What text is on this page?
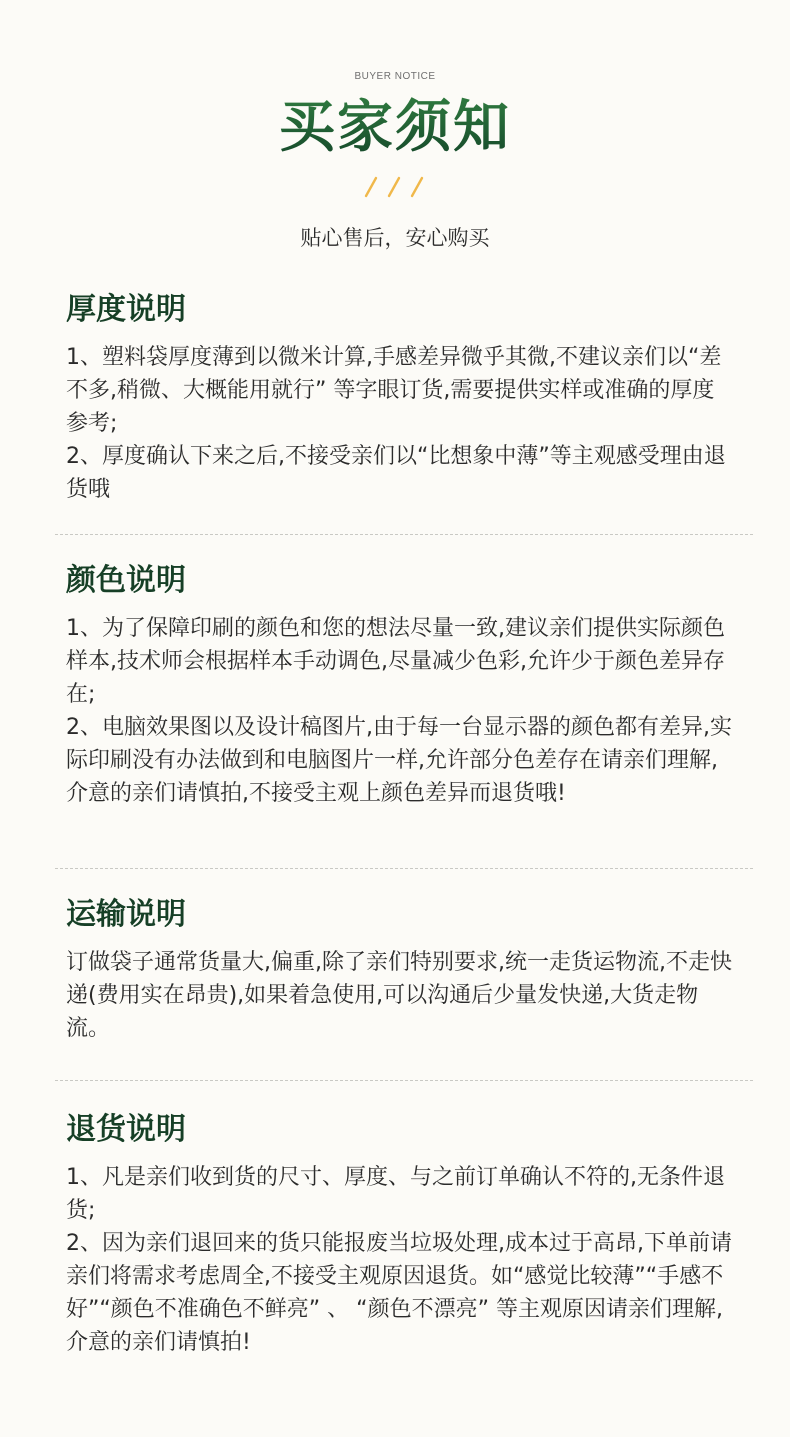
BUYER NOTICE
买家须知
贴心售后，安心购买
厚度说明

1、塑料袋厚度薄到以微米计算,手感差异微乎其微,不建议亲们以“差不多,稍微、大概能用就行” 等字眼订货,需要提供实样或准确的厚度参考;

2、厚度确认下来之后,不接受亲们以“比想象中薄”等主观感受理由退货哦

颜色说明

1、为了保障印刷的颜色和您的想法尽量一致,建议亲们提供实际颜色样本,技术师会根据样本手动调色,尽量减少色彩,允许少于颜色差异存在;

2、电脑效果图以及设计稿图片,由于每一台显示器的颜色都有差异,实际印刷没有办法做到和电脑图片一样,允许部分色差存在请亲们理解,介意的亲们请慎拍,不接受主观上颜色差异而退货哦!

运输说明

订做袋子通常货量大,偏重,除了亲们特别要求,统一走货运物流,不走快递(费用实在昂贵),如果着急使用,可以沟通后少量发快递,大货走物流。

退货说明

1、凡是亲们收到货的尺寸、厚度、与之前订单确认不符的,无条件退货;

2、因为亲们退回来的货只能报废当垃圾处理,成本过于高昂,下单前请亲们将需求考虑周全,不接受主观原因退货。如“感觉比较薄”“手感不好”“颜色不准确色不鲜亮” 、 “颜色不漂亮” 等主观原因请亲们理解,介意的亲们请慎拍!
